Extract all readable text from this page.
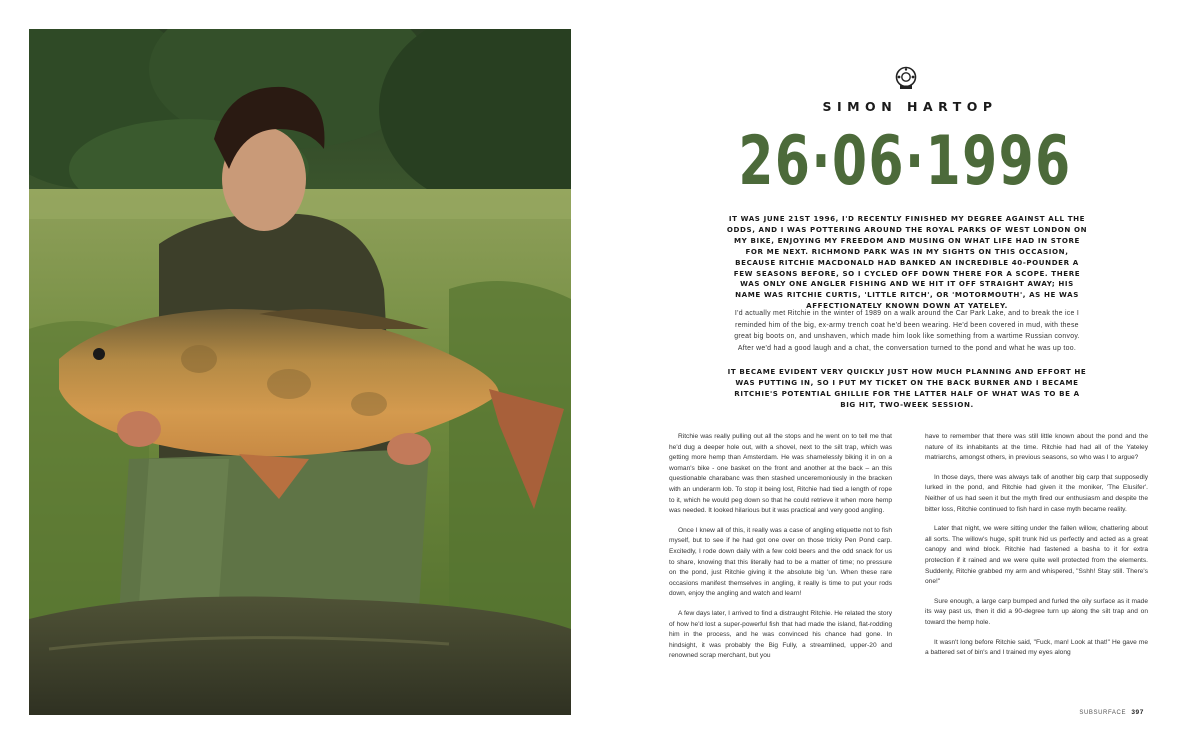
SIMON HARTOP
26·06·1996

IT WAS JUNE 21ST 1996, I'D RECENTLY FINISHED MY DEGREE AGAINST ALL THE ODDS, AND I WAS POTTERING AROUND THE ROYAL PARKS OF WEST LONDON ON MY BIKE, ENJOYING MY FREEDOM AND MUSING ON WHAT LIFE HAD IN STORE FOR ME NEXT. RICHMOND PARK WAS IN MY SIGHTS ON THIS OCCASION, BECAUSE RITCHIE MACDONALD HAD BANKED AN INCREDIBLE 40-POUNDER A FEW SEASONS BEFORE, SO I CYCLED OFF DOWN THERE FOR A SCOPE. THERE WAS ONLY ONE ANGLER FISHING AND WE HIT IT OFF STRAIGHT AWAY; HIS NAME WAS RITCHIE CURTIS, 'LITTLE RITCH', OR 'MOTORMOUTH', AS HE WAS AFFECTIONATELY KNOWN DOWN AT YATELEY.

I'd actually met Ritchie in the winter of 1989 on a walk around the Car Park Lake, and to break the ice I reminded him of the big, ex-army trench coat he'd been wearing. He'd been covered in mud, with these great big boots on, and unshaven, which made him look like something from a wartime Russian convoy. After we'd had a good laugh and a chat, the conversation turned to the pond and what he was up too.

IT BECAME EVIDENT VERY QUICKLY JUST HOW MUCH PLANNING AND EFFORT HE WAS PUTTING IN, SO I PUT MY TICKET ON THE BACK BURNER AND I BECAME RITCHIE'S POTENTIAL GHILLIE FOR THE LATTER HALF OF WHAT WAS TO BE A BIG HIT, TWO-WEEK SESSION.

Ritchie was really pulling out all the stops and he went on to tell me that he'd dug a deeper hole out, with a shovel, next to the silt trap, which was getting more hemp than Amsterdam. He was shamelessly biking it in on a woman's bike - one basket on the front and another at the back – an this questionable charabanc was then stashed unceremoniously in the bracken with an underarm lob. To stop it being lost, Ritchie had tied a length of rope to it, which he would peg down so that he could retrieve it when more hemp was needed. It looked hilarious but it was practical and very good angling.

Once I knew all of this, it really was a case of angling etiquette not to fish myself, but to see if he had got one over on those tricky Pen Pond carp. Excitedly, I rode down daily with a few cold beers and the odd snack for us to share, knowing that this literally had to be a matter of time; no pressure on the pond, just Ritchie giving it the absolute big 'un. When these rare occasions manifest themselves in angling, it really is time to put your rods down, enjoy the angling and watch and learn!

A few days later, I arrived to find a distraught Ritchie. He related the story of how he'd lost a super-powerful fish that had made the island, flat-rodding him in the process, and he was convinced his chance had gone. In hindsight, it was probably the Big Fully, a streamlined, upper-20 and renowned scrap merchant, but you

have to remember that there was still little known about the pond and the nature of its inhabitants at the time. Ritchie had had all of the Yateley matriarchs, amongst others, in previous seasons, so who was I to argue?

In those days, there was always talk of another big carp that supposedly lurked in the pond, and Ritchie had given it the moniker, 'The Elusifer'. Neither of us had seen it but the myth fired our enthusiasm and despite the bitter loss, Ritchie continued to fish hard in case myth became reality.

Later that night, we were sitting under the fallen willow, chattering about all sorts. The willow's huge, spilt trunk hid us perfectly and acted as a great canopy and wind block. Ritchie had fastened a basha to it for extra protection if it rained and we were quite well protected from the elements. Suddenly, Ritchie grabbed my arm and whispered, "Sshh! Stay still. There's one!"

Sure enough, a large carp bumped and furled the oily surface as it made its way past us, then it did a 90-degree turn up along the silt trap and on toward the hemp hole.

It wasn't long before Ritchie said, "Fuck, man! Look at that!" He gave me a battered set of bin's and I trained my eyes along

SUBSURFACE 397
